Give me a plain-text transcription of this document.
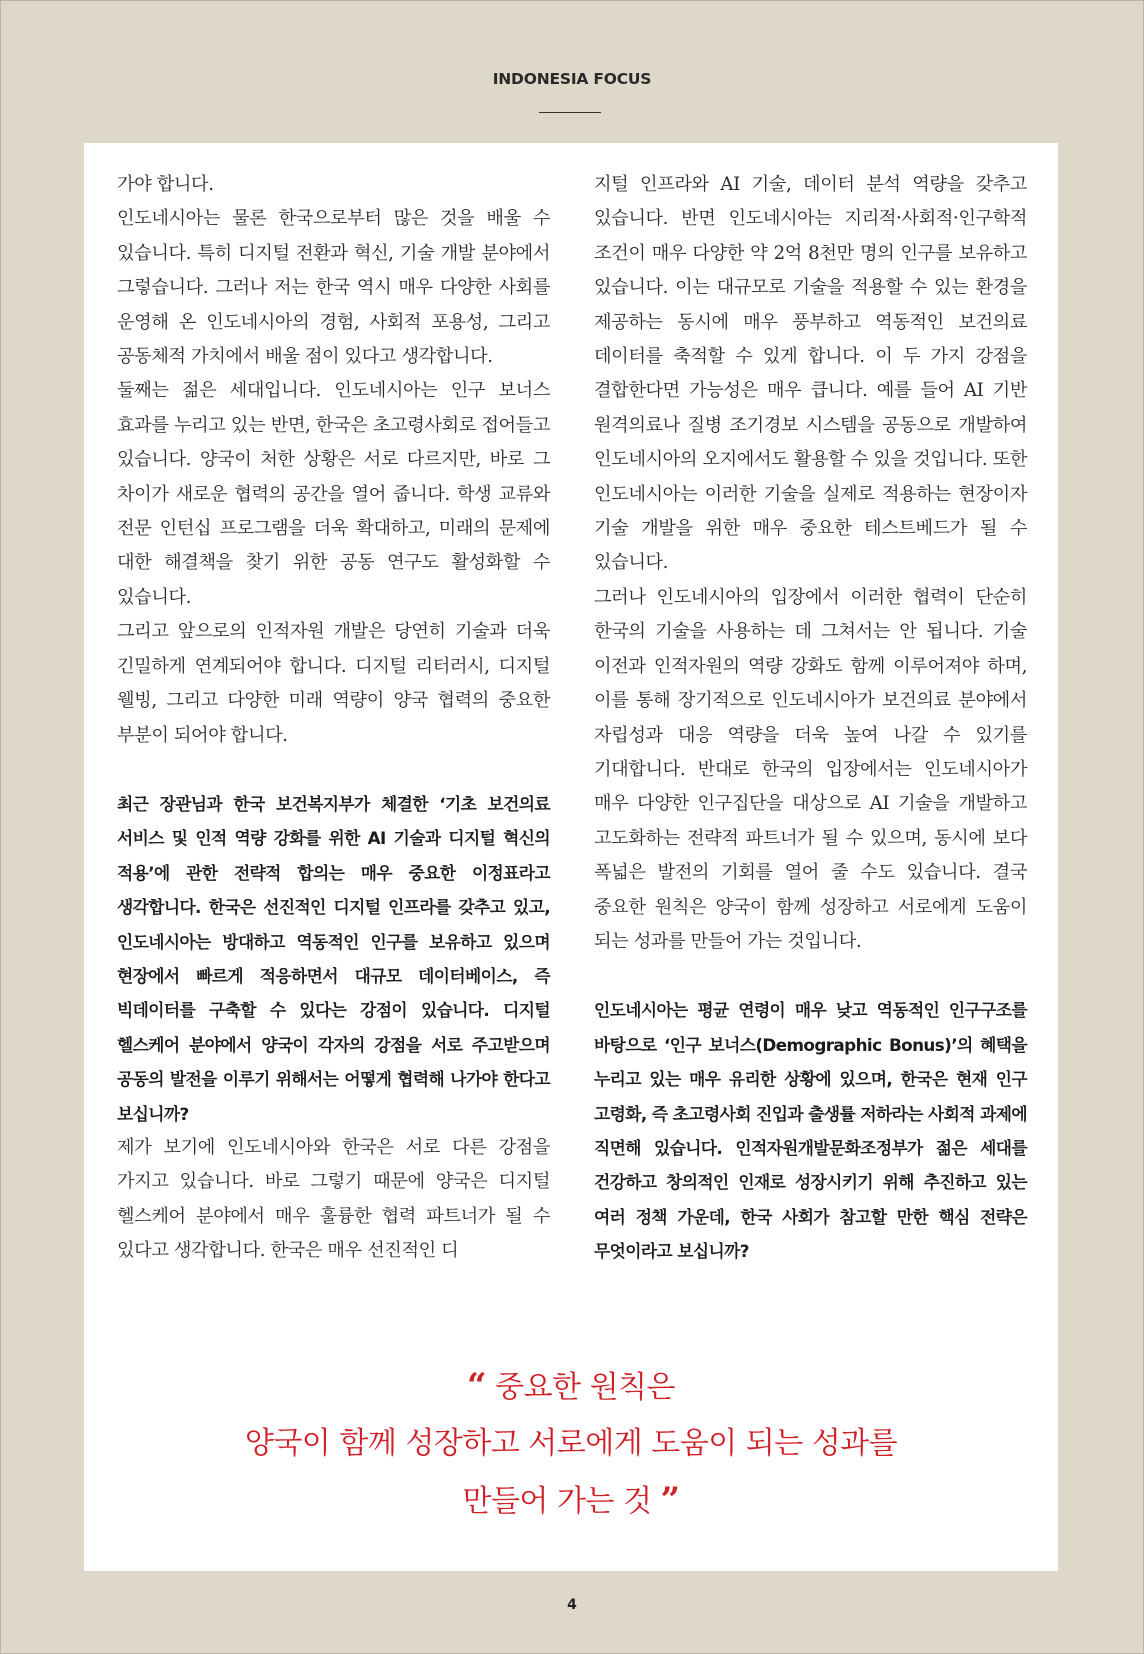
INDONESIA FOCUS

가야 합니다.

인도네시아는 물론 한국으로부터 많은 것을 배울 수 있습니다. 특히 디지털 전환과 혁신, 기술 개발 분야에서 그렇습니다. 그러나 저는 한국 역시 매우 다양한 사회를 운영해 온 인도네시아의 경험, 사회적 포용성, 그리고 공동체적 가치에서 배울 점이 있다고 생각합니다.

둘째는 젊은 세대입니다. 인도네시아는 인구 보너스 효과를 누리고 있는 반면, 한국은 초고령사회로 접어들고 있습니다. 양국이 처한 상황은 서로 다르지만, 바로 그 차이가 새로운 협력의 공간을 열어 줍니다. 학생 교류와 전문 인턴십 프로그램을 더욱 확대하고, 미래의 문제에 대한 해결책을 찾기 위한 공동 연구도 활성화할 수 있습니다.

그리고 앞으로의 인적자원 개발은 당연히 기술과 더욱 긴밀하게 연계되어야 합니다. 디지털 리터러시, 디지털 웰빙, 그리고 다양한 미래 역량이 양국 협력의 중요한 부분이 되어야 합니다.

최근 장관님과 한국 보건복지부가 체결한 ‘기초 보건의료 서비스 및 인적 역량 강화를 위한 AI 기술과 디지털 혁신의 적용’에 관한 전략적 합의는 매우 중요한 이정표라고 생각합니다. 한국은 선진적인 디지털 인프라를 갖추고 있고, 인도네시아는 방대하고 역동적인 인구를 보유하고 있으며 현장에서 빠르게 적응하면서 대규모 데이터베이스, 즉 빅데이터를 구축할 수 있다는 강점이 있습니다. 디지털 헬스케어 분야에서 양국이 각자의 강점을 서로 주고받으며 공동의 발전을 이루기 위해서는 어떻게 협력해 나가야 한다고 보십니까?

제가 보기에 인도네시아와 한국은 서로 다른 강점을 가지고 있습니다. 바로 그렇기 때문에 양국은 디지털 헬스케어 분야에서 매우 훌륭한 협력 파트너가 될 수 있다고 생각합니다. 한국은 매우 선진적인 디

지털 인프라와 AI 기술, 데이터 분석 역량을 갖추고 있습니다. 반면 인도네시아는 지리적·사회적·인구학적 조건이 매우 다양한 약 2억 8천만 명의 인구를 보유하고 있습니다. 이는 대규모로 기술을 적용할 수 있는 환경을 제공하는 동시에 매우 풍부하고 역동적인 보건의료 데이터를 축적할 수 있게 합니다. 이 두 가지 강점을 결합한다면 가능성은 매우 큽니다. 예를 들어 AI 기반 원격의료나 질병 조기경보 시스템을 공동으로 개발하여 인도네시아의 오지에서도 활용할 수 있을 것입니다. 또한 인도네시아는 이러한 기술을 실제로 적용하는 현장이자 기술 개발을 위한 매우 중요한 테스트베드가 될 수 있습니다.

그러나 인도네시아의 입장에서 이러한 협력이 단순히 한국의 기술을 사용하는 데 그쳐서는 안 됩니다. 기술 이전과 인적자원의 역량 강화도 함께 이루어져야 하며, 이를 통해 장기적으로 인도네시아가 보건의료 분야에서 자립성과 대응 역량을 더욱 높여 나갈 수 있기를 기대합니다. 반대로 한국의 입장에서는 인도네시아가 매우 다양한 인구집단을 대상으로 AI 기술을 개발하고 고도화하는 전략적 파트너가 될 수 있으며, 동시에 보다 폭넓은 발전의 기회를 열어 줄 수도 있습니다. 결국 중요한 원칙은 양국이 함께 성장하고 서로에게 도움이 되는 성과를 만들어 가는 것입니다.

인도네시아는 평균 연령이 매우 낮고 역동적인 인구구조를 바탕으로 ‘인구 보너스(Demographic Bonus)’의 혜택을 누리고 있는 매우 유리한 상황에 있으며, 한국은 현재 인구 고령화, 즉 초고령사회 진입과 출생률 저하라는 사회적 과제에 직면해 있습니다. 인적자원개발문화조정부가 젊은 세대를 건강하고 창의적인 인재로 성장시키기 위해 추진하고 있는 여러 정책 가운데, 한국 사회가 참고할 만한 핵심 전략은 무엇이라고 보십니까?

“ 중요한 원칙은
양국이 함께 성장하고 서로에게 도움이 되는 성과를
만들어 가는 것 ”
4
